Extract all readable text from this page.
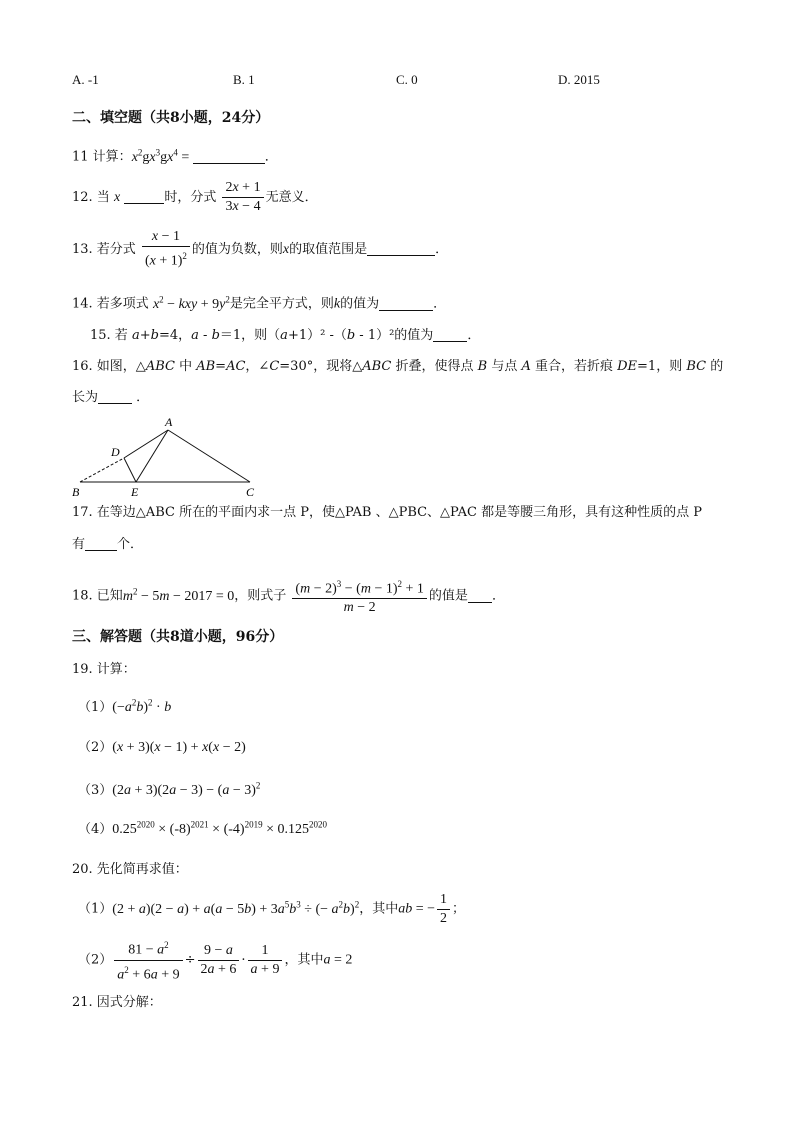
A. -1	B. 1	C. 0	D. 2015
二、填空题（共8小题，24分）
11 计算：$x^2gx^3gx^4$ =	．
12. 当 x	时，分式 $\frac{2x + 1}{3x - 4}$ 无意义．
13. 若分式 $\frac{x - 1}{(x + 1)^2}$ 的值为负数，则x的取值范围是	．
14. 若多项式 $x^2$ − kxy + $9y^2$是完全平方式，则k的值为	．
15. 若 a+b=4，a - b＝1，则（a+1）² -（b - 1）²的值为	．
16. 如图，△ABC 中 AB=AC，∠C=30°，现将△ABC 折叠，使得点 B 与点 A 重合，若折痕 DE=1，则 BC 的
长为	．
A
B	C
D
E
17. 在等边△ABC 所在的平面内求一点 P，使△PAB 、△PBC、△PAC 都是等腰三角形，具有这种性质的点 P
有 个．
18. 已知$m^2 - 5m - 2017 = 0$，则式子 $\frac{(m - 2)^3 - (m - 1)^2 + 1}{m - 2}$ 的值是 ．
三、解答题（共8道小题，96分）
19. 计算：
$(1)(-a^2b)^2 \cdot b$
（2）(x + 3)(x − 1) + x(x − 2)
$(3)(2a + 3)(2a - 3) - (a - 3)^2$
$(4)0.25^{2020} \times (-8)^{2021} \times (-4)^{2019} \times 0.125^{2020}$
20. 先化简再求值：
$(1)(2 + a)(2 - a) + a(a - 5b) + 3a^5b^3$ ÷ (− $a^2b)^2$，其中ab = − $\frac{1}{2}$ ；
$(2) \frac{81 - a^2}{a^2 + 6a + 9} \div \frac{9 - a}{2a + 6} \cdot \frac{1}{a + 9}$ ，其中a = 2
21. 因式分解：
